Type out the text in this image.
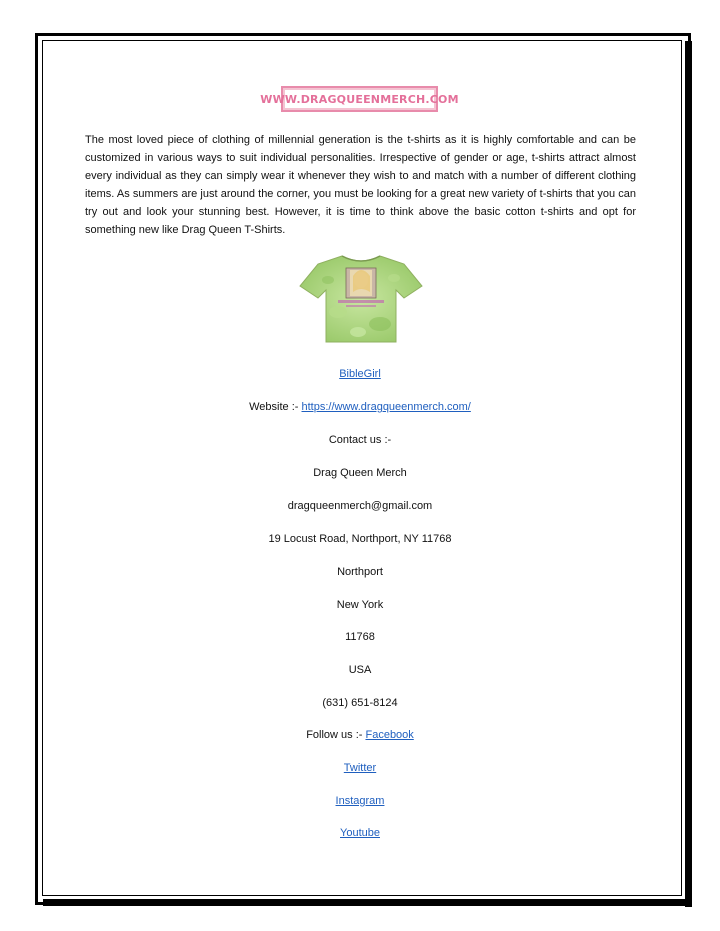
WWW.DRAGQUEENMERCH.COM

The most loved piece of clothing of millennial generation is the t-shirts as it is highly comfortable and can be customized in various ways to suit individual personalities. Irrespective of gender or age, t-shirts attract almost every individual as they can simply wear it whenever they wish to and match with a number of different clothing items. As summers are just around the corner, you must be looking for a great new variety of t-shirts that you can try out and look your stunning best. However, it is time to think above the basic cotton t-shirts and opt for something new like Drag Queen T-Shirts.

BibleGirl
Website :- https://www.dragqueenmerch.com/
Contact us :-
Drag Queen Merch
dragqueenmerch@gmail.com
19 Locust Road, Northport, NY 11768
Northport
New York
11768
USA
(631) 651-8124
Follow us :- Facebook
Twitter
Instagram
Youtube
